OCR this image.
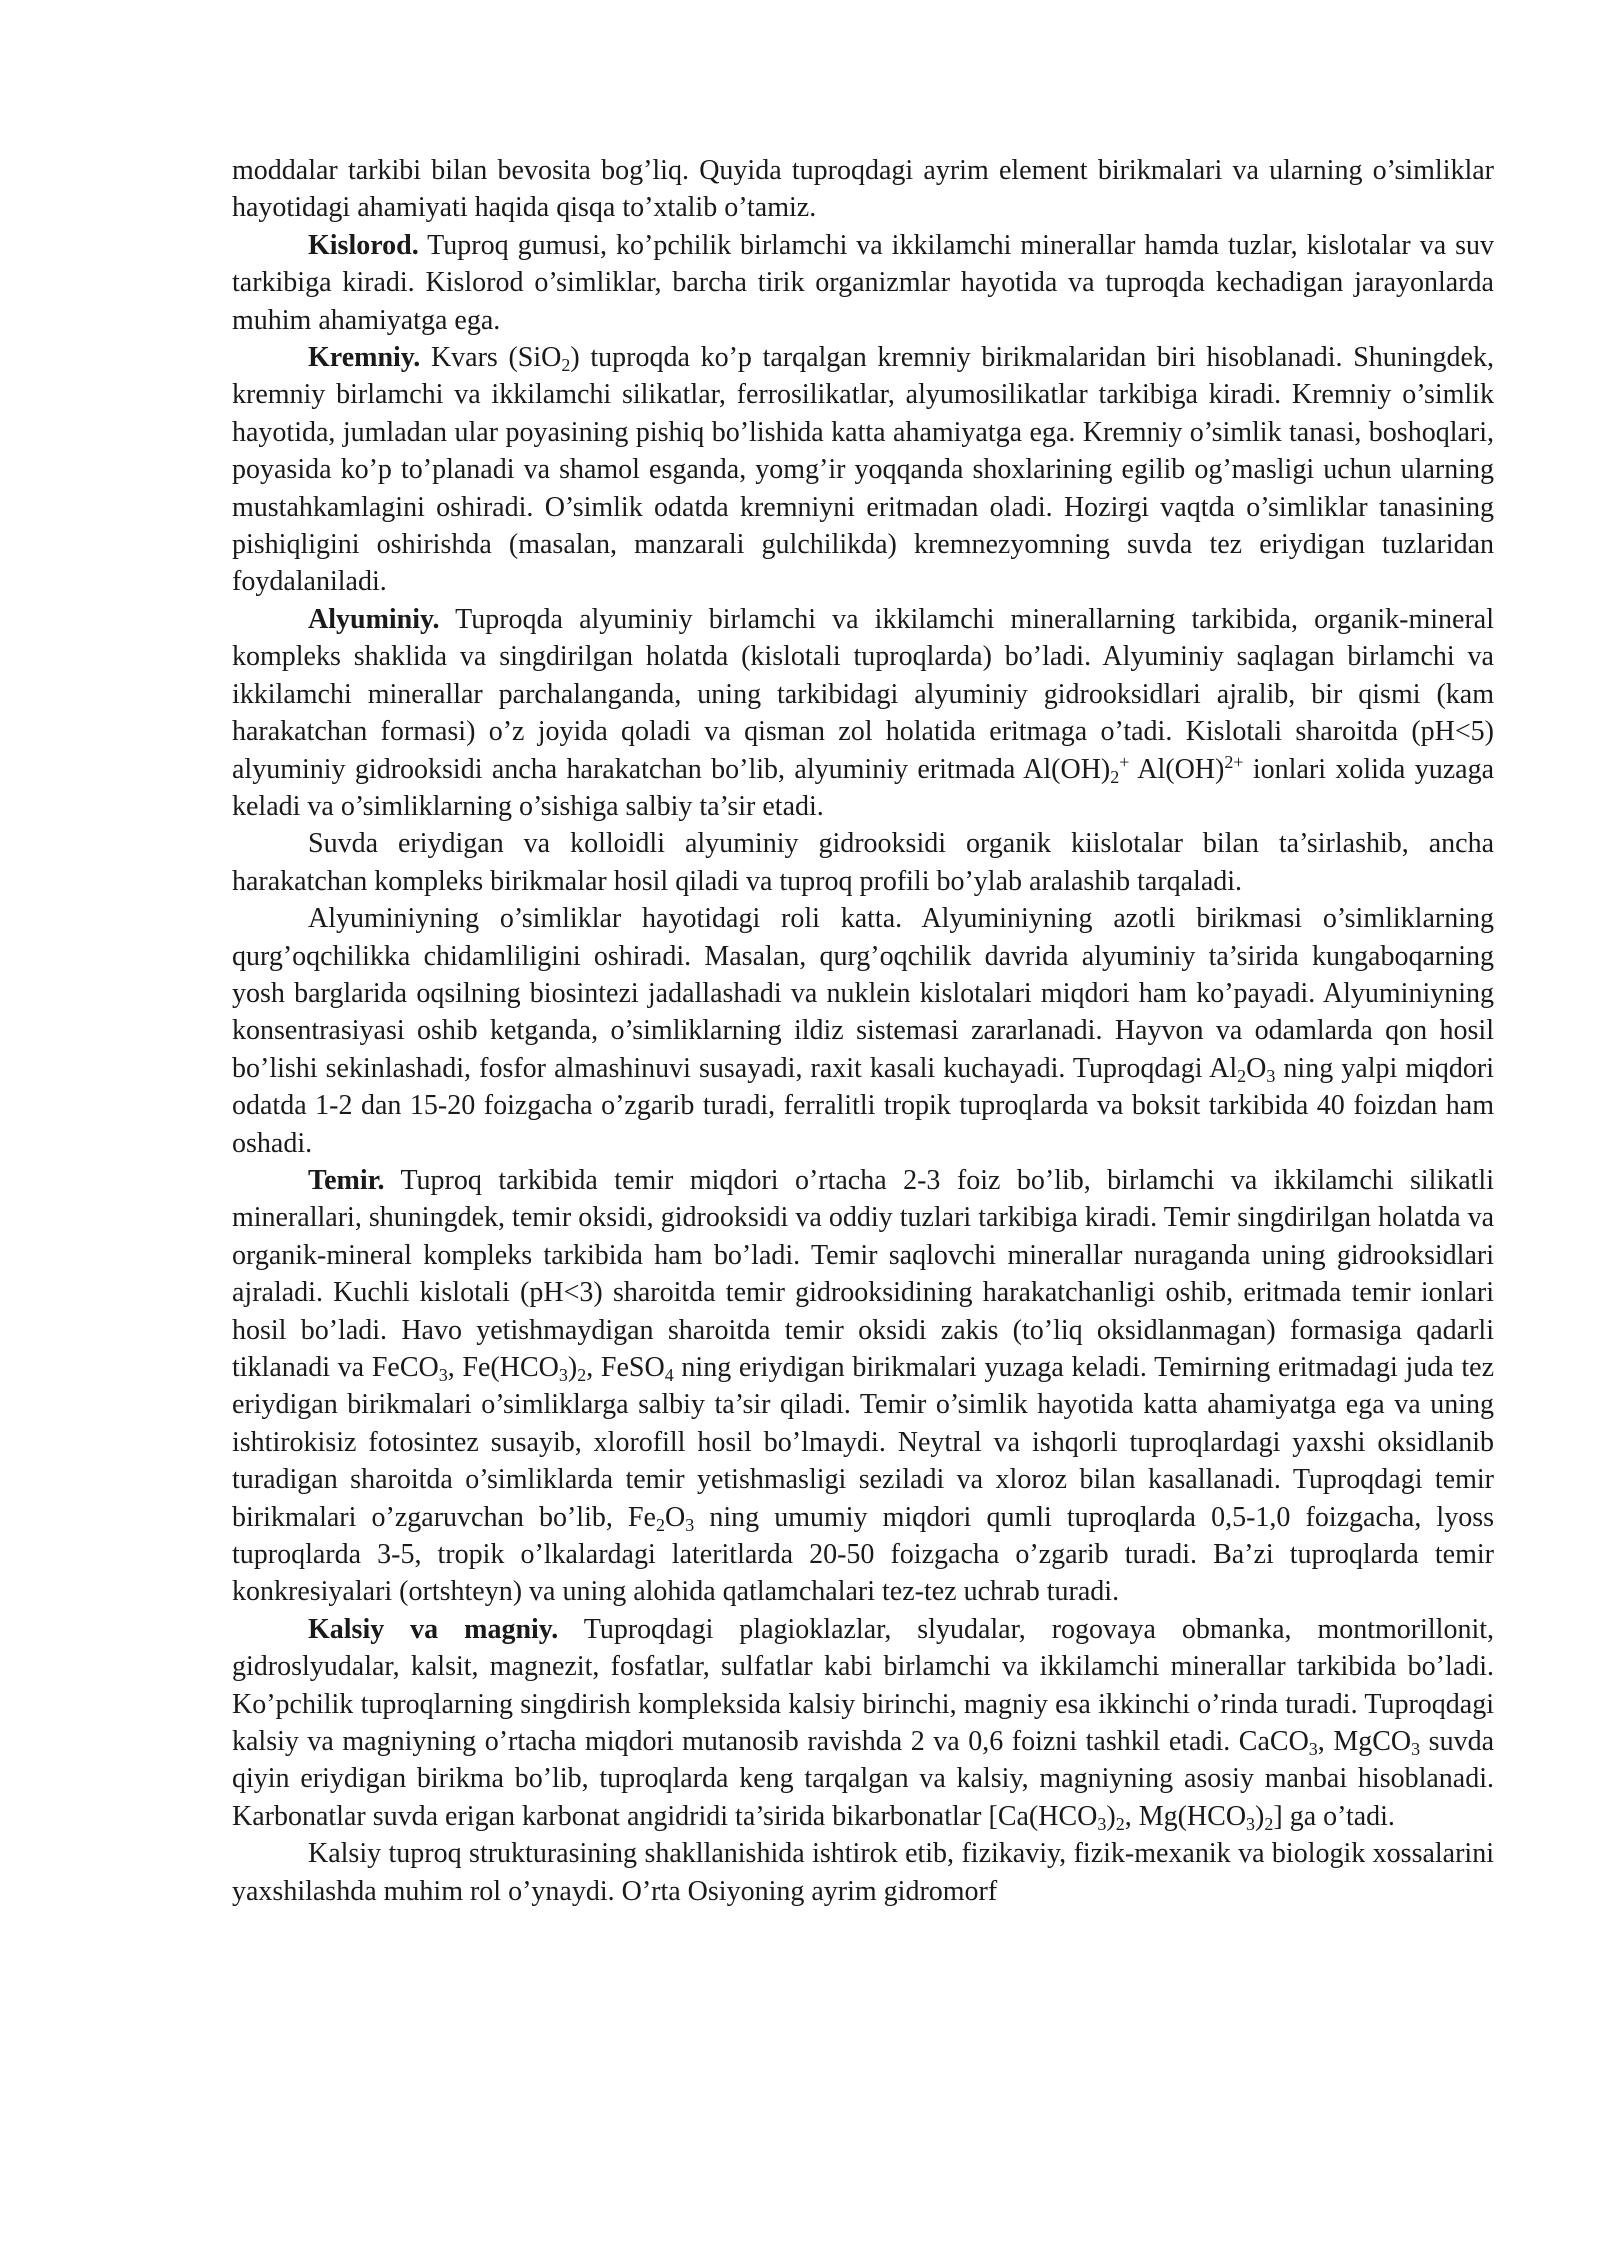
moddalar tarkibi bilan bevosita bog’liq. Quyida tuproqdagi ayrim element birikmalari va ularning o’simliklar hayotidagi ahamiyati haqida qisqa to’xtalib o’tamiz.

Kislorod. Tuproq gumusi, ko’pchilik birlamchi va ikkilamchi minerallar hamda tuzlar, kislotalar va suv tarkibiga kiradi. Kislorod o’simliklar, barcha tirik organizmlar hayotida va tuproqda kechadigan jarayonlarda muhim ahamiyatga ega.

Kremniy. Kvars (SiO$_2$) tuproqda ko’p tarqalgan kremniy birikmalaridan biri hisoblanadi. Shuningdek, kremniy birlamchi va ikkilamchi silikatlar, ferrosilikatlar, alyumosilikatlar tarkibiga kiradi. Kremniy o’simlik hayotida, jumladan ular poyasining pishiq bo’lishida katta ahamiyatga ega. Kremniy o’simlik tanasi, boshoqlari, poyasida ko’p to’planadi va shamol esganda, yomg’ir yoqqanda shoxlarining egilib og’masligi uchun ularning mustahkamlagini oshiradi. O’simlik odatda kremniyni eritmadan oladi. Hozirgi vaqtda o’simliklar tanasining pishiqligini oshirishda (masalan, manzarali gulchilikda) kremnezyomning suvda tez eriydigan tuzlaridan foydalaniladi.

Alyuminiy. Tuproqda alyuminiy birlamchi va ikkilamchi minerallarning tarkibida, organik-mineral kompleks shaklida va singdirilgan holatda (kislotali tuproqlarda) bo’ladi. Alyuminiy saqlagan birlamchi va ikkilamchi minerallar parchalanganda, uning tarkibidagi alyuminiy gidrooksidlari ajralib, bir qismi (kam harakatchan formasi) o’z joyida qoladi va qisman zol holatida eritmaga o’tadi. Kislotali sharoitda (pH<5) alyuminiy gidrooksidi ancha harakatchan bo’lib, alyuminiy eritmada $Al(OH)_2^+$ Al(OH)$^{2+}$ ionlari xolida yuzaga keladi va o’simliklarning o’sishiga salbiy ta’sir etadi.

Suvda eriydigan va kolloidli alyuminiy gidrooksidi organik kiislotalar bilan ta’sirlashib, ancha harakatchan kompleks birikmalar hosil qiladi va tuproq profili bo’ylab aralashib tarqaladi.

Alyuminiyning o’simliklar hayotidagi roli katta. Alyuminiyning azotli birikmasi o’simliklarning qurg’oqchilikka chidamliligini oshiradi. Masalan, qurg’oqchilik davrida alyuminiy ta’sirida kungaboqarning yosh barglarida oqsilning biosintezi jadallashadi va nuklein kislotalari miqdori ham ko’payadi. Alyuminiyning konsentrasiyasi oshib ketganda, o’simliklarning ildiz sistemasi zararlanadi. Hayvon va odamlarda qon hosil bo’lishi sekinlashadi, fosfor almashinuvi susayadi, raxit kasali kuchayadi. Tuproqdagi $Al_2O_3$ ning yalpi miqdori odatda 1-2 dan 15-20 foizgacha o’zgarib turadi, ferralitli tropik tuproqlarda va boksit tarkibida 40 foizdan ham oshadi.

Temir. Tuproq tarkibida temir miqdori o’rtacha 2-3 foiz bo’lib, birlamchi va ikkilamchi silikatli minerallari, shuningdek, temir oksidi, gidrooksidi va oddiy tuzlari tarkibiga kiradi. Temir singdirilgan holatda va organik-mineral kompleks tarkibida ham bo’ladi. Temir saqlovchi minerallar nuraganda uning gidrooksidlari ajraladi. Kuchli kislotali (pH<3) sharoitda temir gidrooksidining harakatchanligi oshib, eritmada temir ionlari hosil bo’ladi. Havo yetishmaydigan sharoitda temir oksidi zakis (to’liq oksidlanmagan) formasiga qadarli tiklanadi va FeCO$_3$, $Fe(HCO_3)_2$, FeSO$_4$ ning eriydigan birikmalari yuzaga keladi. Temirning eritmadagi juda tez eriydigan birikmalari o’simliklarga salbiy ta’sir qiladi. Temir o’simlik hayotida katta ahamiyatga ega va uning ishtirokisiz fotosintez susayib, xlorofill hosil bo’lmaydi. Neytral va ishqorli tuproqlardagi yaxshi oksidlanib turadigan sharoitda o’simliklarda temir yetishmasligi seziladi va xloroz bilan kasallanadi. Tuproqdagi temir birikmalari o’zgaruvchan bo’lib, $Fe_2O_3$ ning umumiy miqdori qumli tuproqlarda 0,5-1,0 foizgacha, lyoss tuproqlarda 3-5, tropik o’lkalardagi lateritlarda 20-50 foizgacha o’zgarib turadi. Ba’zi tuproqlarda temir konkresiyalari (ortshteyn) va uning alohida qatlamchalari tez-tez uchrab turadi.

Kalsiy va magniy. Tuproqdagi plagioklazlar, slyudalar, rogovaya obmanka, montmorillonit, gidroslyudalar, kalsit, magnezit, fosfatlar, sulfatlar kabi birlamchi va ikkilamchi minerallar tarkibida bo’ladi. Ko’pchilik tuproqlarning singdirish kompleksida kalsiy birinchi, magniy esa ikkinchi o’rinda turadi. Tuproqdagi kalsiy va magniyning o’rtacha miqdori mutanosib ravishda 2 va 0,6 foizni tashkil etadi. CaCO$_3$, MgCO$_3$ suvda qiyin eriydigan birikma bo’lib, tuproqlarda keng tarqalgan va kalsiy, magniyning asosiy manbai hisoblanadi. Karbonatlar suvda erigan karbonat angidridi ta’sirida bikarbonatlar [$Ca(HCO_3)_2$, $Mg(HCO_3)_2$] ga o’tadi.

Kalsiy tuproq strukturasining shakllanishida ishtirok etib, fizikaviy, fizik-mexanik va biologik xossalarini yaxshilashda muhim rol o’ynaydi. O’rta Osiyoning ayrim gidromorf
